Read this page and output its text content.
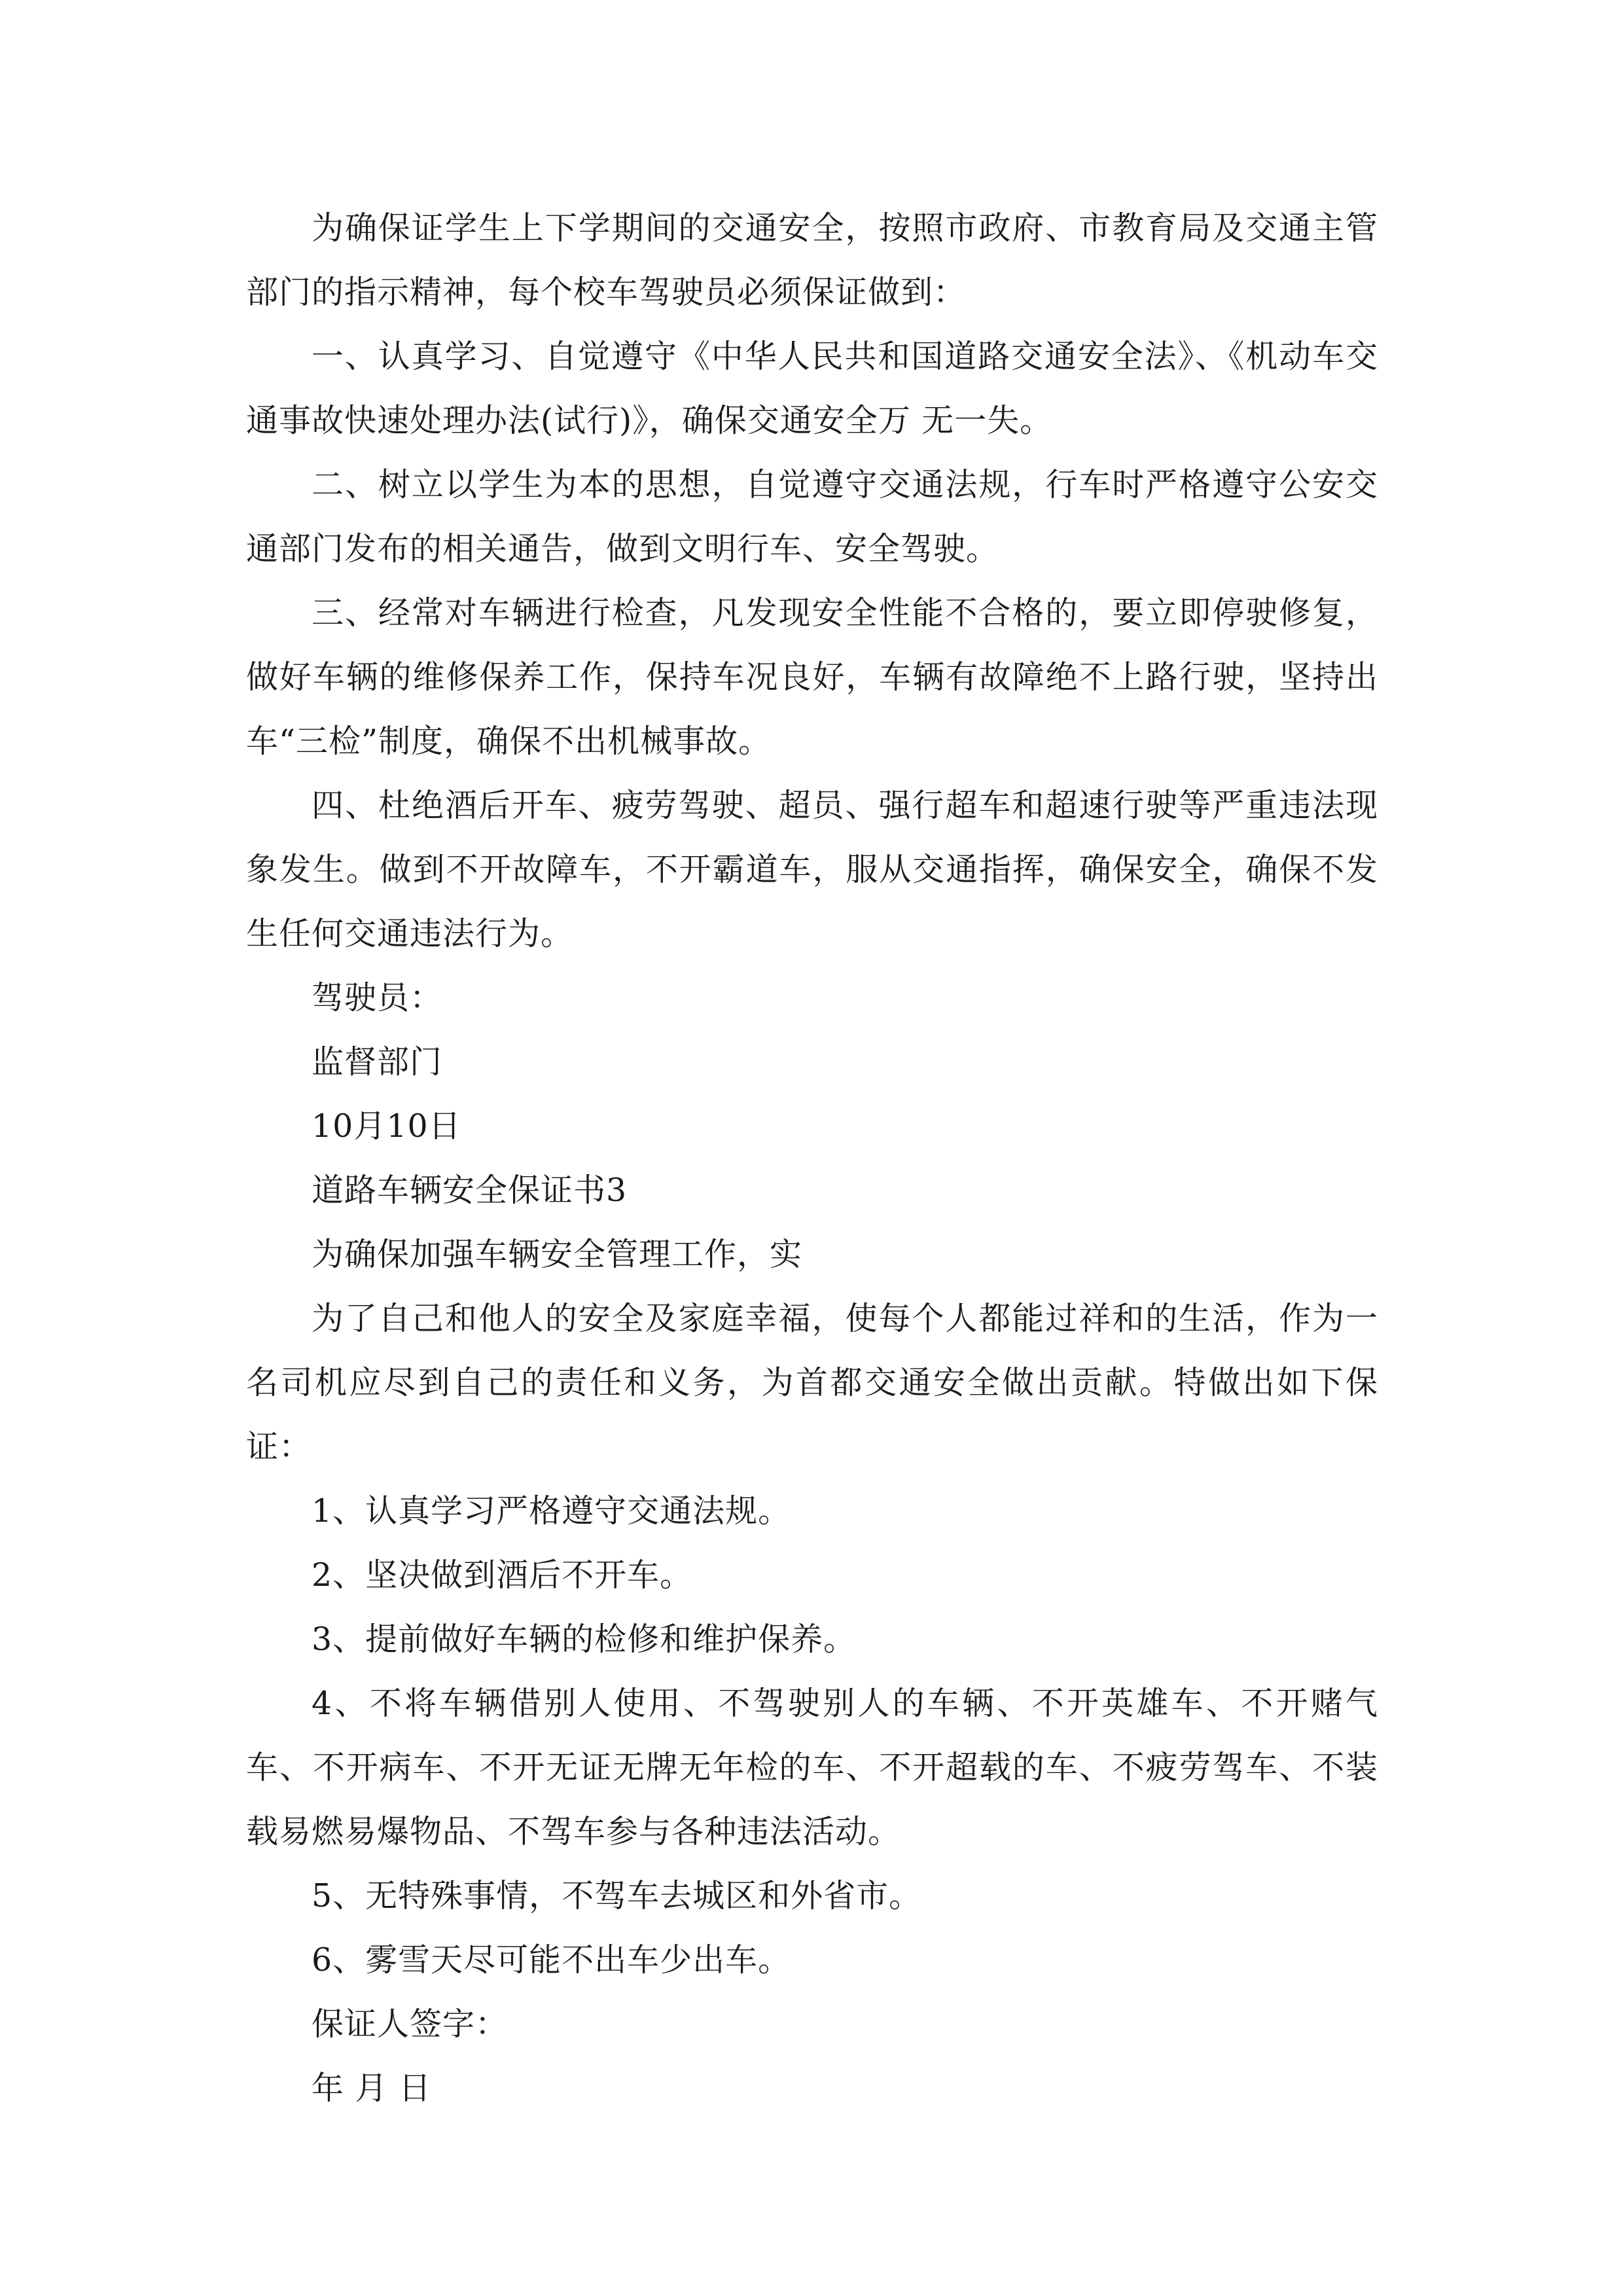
为确保证学生上下学期间的交通安全，按照市政府、市教育局及交通主管部门的指示精神，每个校车驾驶员必须保证做到：

一、认真学习、自觉遵守《中华人民共和国道路交通安全法》、《机动车交通事故快速处理办法(试行)》，确保交通安全万 无一失。

二、树立以学生为本的思想，自觉遵守交通法规，行车时严格遵守公安交通部门发布的相关通告，做到文明行车、安全驾驶。

三、经常对车辆进行检查，凡发现安全性能不合格的，要立即停驶修复，做好车辆的维修保养工作，保持车况良好，车辆有故障绝不上路行驶，坚持出车“三检”制度，确保不出机械事故。

四、杜绝酒后开车、疲劳驾驶、超员、强行超车和超速行驶等严重违法现象发生。做到不开故障车，不开霸道车，服从交通指挥，确保安全，确保不发生任何交通违法行为。

驾驶员：

监督部门

10月10日

道路车辆安全保证书3

为确保加强车辆安全管理工作，实

为了自己和他人的安全及家庭幸福，使每个人都能过祥和的生活，作为一名司机应尽到自己的责任和义务，为首都交通安全做出贡献。特做出如下保证：

1、认真学习严格遵守交通法规。

2、坚决做到酒后不开车。

3、提前做好车辆的检修和维护保养。

4、不将车辆借别人使用、不驾驶别人的车辆、不开英雄车、不开赌气车、不开病车、不开无证无牌无年检的车、不开超载的车、不疲劳驾车、不装载易燃易爆物品、不驾车参与各种违法活动。

5、无特殊事情，不驾车去城区和外省市。

6、雾雪天尽可能不出车少出车。

保证人签字：

年 月 日
